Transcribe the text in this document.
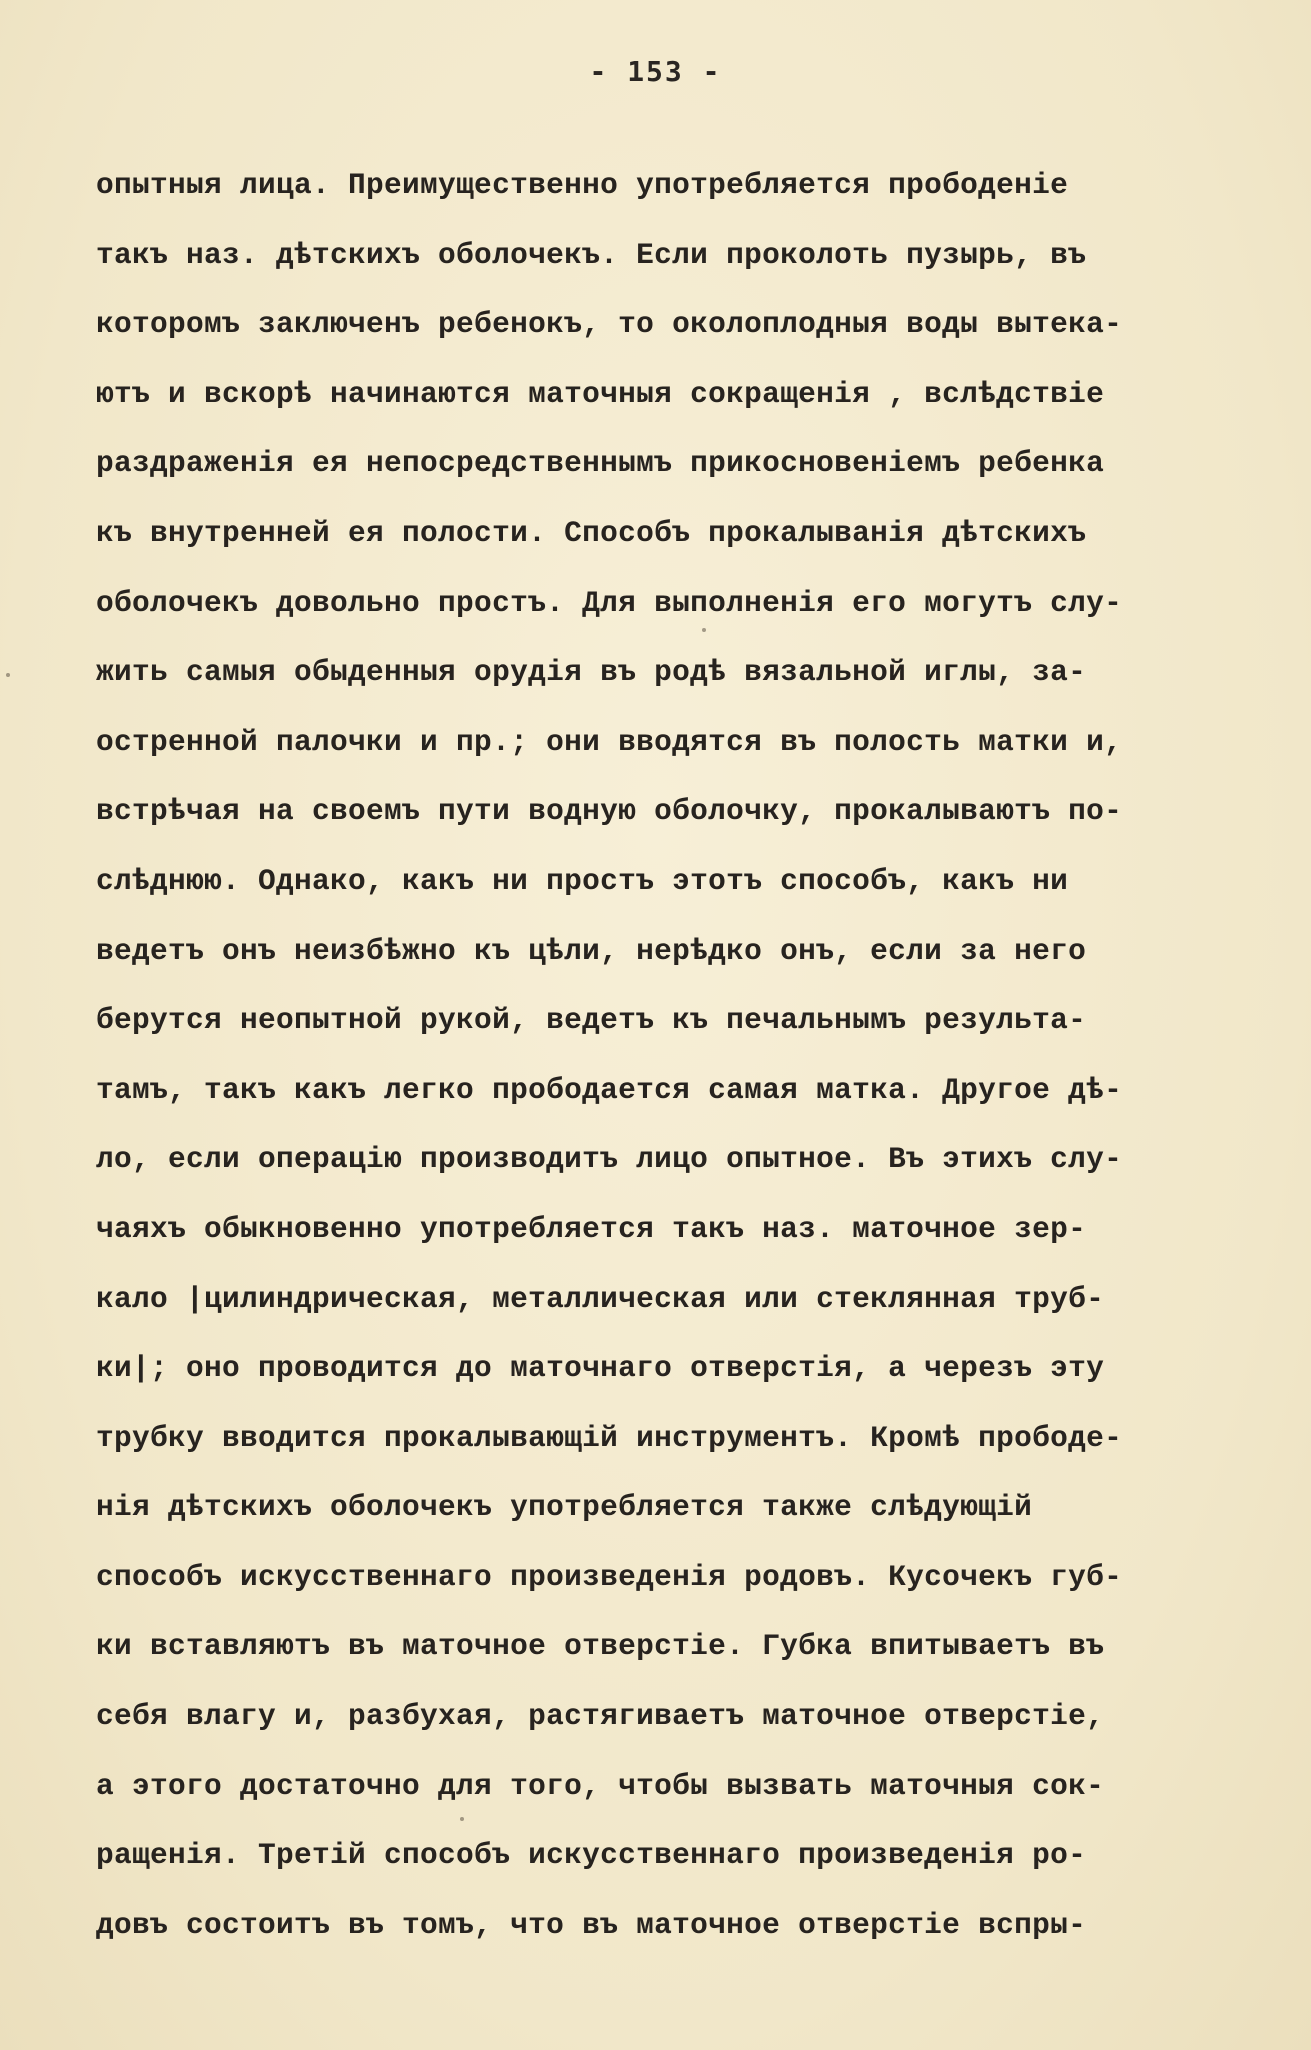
- 153 -
опытныя лица. Преимущественно употребляется прободенiе
такъ наз. дѣтскихъ оболочекъ. Если проколоть пузырь, въ
которомъ заключенъ ребенокъ, то околоплодныя воды вытека-
ютъ и вскорѣ начинаются маточныя сокращенiя , вслѣдствiе
раздраженiя ея непосредственнымъ прикосновенiемъ ребенка
къ внутренней ея полости. Способъ прокалыванiя дѣтскихъ
оболочекъ довольно простъ. Для выполненiя его могутъ слу-
жить самыя обыденныя орудiя въ родѣ вязальной иглы, за-
остренной палочки и пр.; они вводятся въ полость матки и,
встрѣчая на своемъ пути водную оболочку, прокалываютъ по-
слѣднюю. Однако, какъ ни простъ этотъ способъ, какъ ни
ведетъ онъ неизбѣжно къ цѣли, нерѣдко онъ, если за него
берутся неопытной рукой, ведетъ къ печальнымъ результа-
тамъ, такъ какъ легко прободается самая матка. Другое дѣ-
ло, если операцiю производитъ лицо опытное. Въ этихъ слу-
чаяхъ обыкновенно употребляется такъ наз. маточное зер-
кало |цилиндрическая, металлическая или стеклянная труб-
ки|; оно проводится до маточнаго отверстiя, а черезъ эту
трубку вводится прокалывающiй инструментъ. Кромѣ прободе-
нiя дѣтскихъ оболочекъ употребляется также слѣдующiй
способъ искусственнаго произведенiя родовъ. Кусочекъ губ-
ки вставляютъ въ маточное отверстiе. Губка впитываетъ въ
себя влагу и, разбухая, растягиваетъ маточное отверстiе,
а этого достаточно для того, чтобы вызвать маточныя сок-
ращенiя. Третiй способъ искусственнаго произведенiя ро-
довъ состоитъ въ томъ, что въ маточное отверстiе вспры-
